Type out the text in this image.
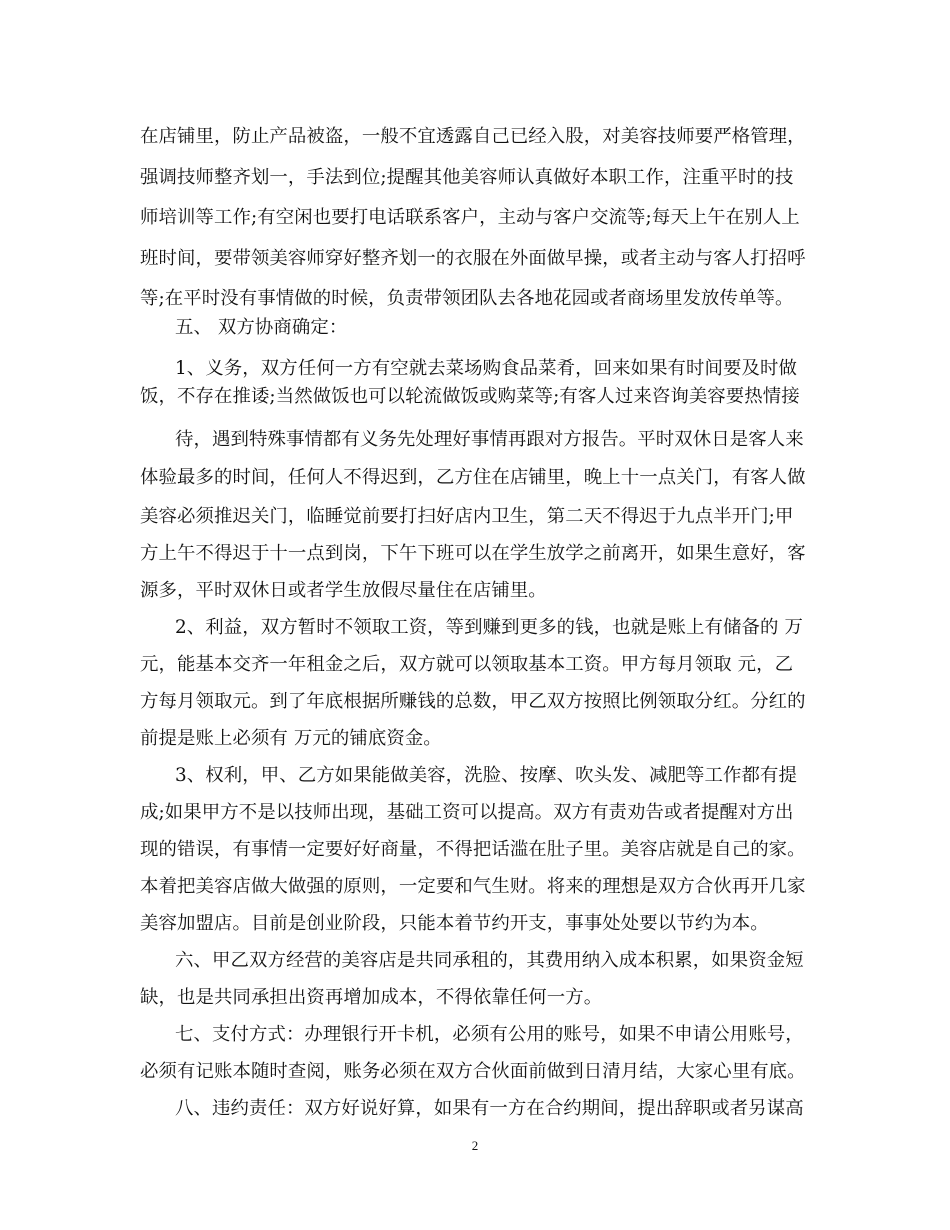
在店铺里，防止产品被盗，一般不宜透露自己已经入股，对美容技师要严格管理，
强调技师整齐划一，手法到位;提醒其他美容师认真做好本职工作，注重平时的技
师培训等工作;有空闲也要打电话联系客户，主动与客户交流等;每天上午在别人上
班时间，要带领美容师穿好整齐划一的衣服在外面做早操，或者主动与客人打招呼
等;在平时没有事情做的时候，负责带领团队去各地花园或者商场里发放传单等。
五、 双方协商确定：
1、义务，双方任何一方有空就去菜场购食品菜肴，回来如果有时间要及时做
饭，不存在推诿;当然做饭也可以轮流做饭或购菜等;有客人过来咨询美容要热情接
待，遇到特殊事情都有义务先处理好事情再跟对方报告。平时双休日是客人来
体验最多的时间，任何人不得迟到，乙方住在店铺里，晚上十一点关门，有客人做
美容必须推迟关门，临睡觉前要打扫好店内卫生，第二天不得迟于九点半开门;甲
方上午不得迟于十一点到岗，下午下班可以在学生放学之前离开，如果生意好，客
源多，平时双休日或者学生放假尽量住在店铺里。
2、利益，双方暂时不领取工资，等到赚到更多的钱，也就是账上有储备的 万
元，能基本交齐一年租金之后，双方就可以领取基本工资。甲方每月领取 元，乙
方每月领取元。到了年底根据所赚钱的总数，甲乙双方按照比例领取分红。分红的
前提是账上必须有 万元的铺底资金。
3、权利，甲、乙方如果能做美容，洗脸、按摩、吹头发、减肥等工作都有提
成;如果甲方不是以技师出现，基础工资可以提高。双方有责劝告或者提醒对方出
现的错误，有事情一定要好好商量，不得把话滥在肚子里。美容店就是自己的家。
本着把美容店做大做强的原则，一定要和气生财。将来的理想是双方合伙再开几家
美容加盟店。目前是创业阶段，只能本着节约开支，事事处处要以节约为本。
六、甲乙双方经营的美容店是共同承租的，其费用纳入成本积累，如果资金短
缺，也是共同承担出资再增加成本，不得依靠任何一方。
七、支付方式：办理银行开卡机，必须有公用的账号，如果不申请公用账号，
必须有记账本随时查阅，账务必须在双方合伙面前做到日清月结，大家心里有底。
八、违约责任：双方好说好算，如果有一方在合约期间，提出辞职或者另谋高
2
